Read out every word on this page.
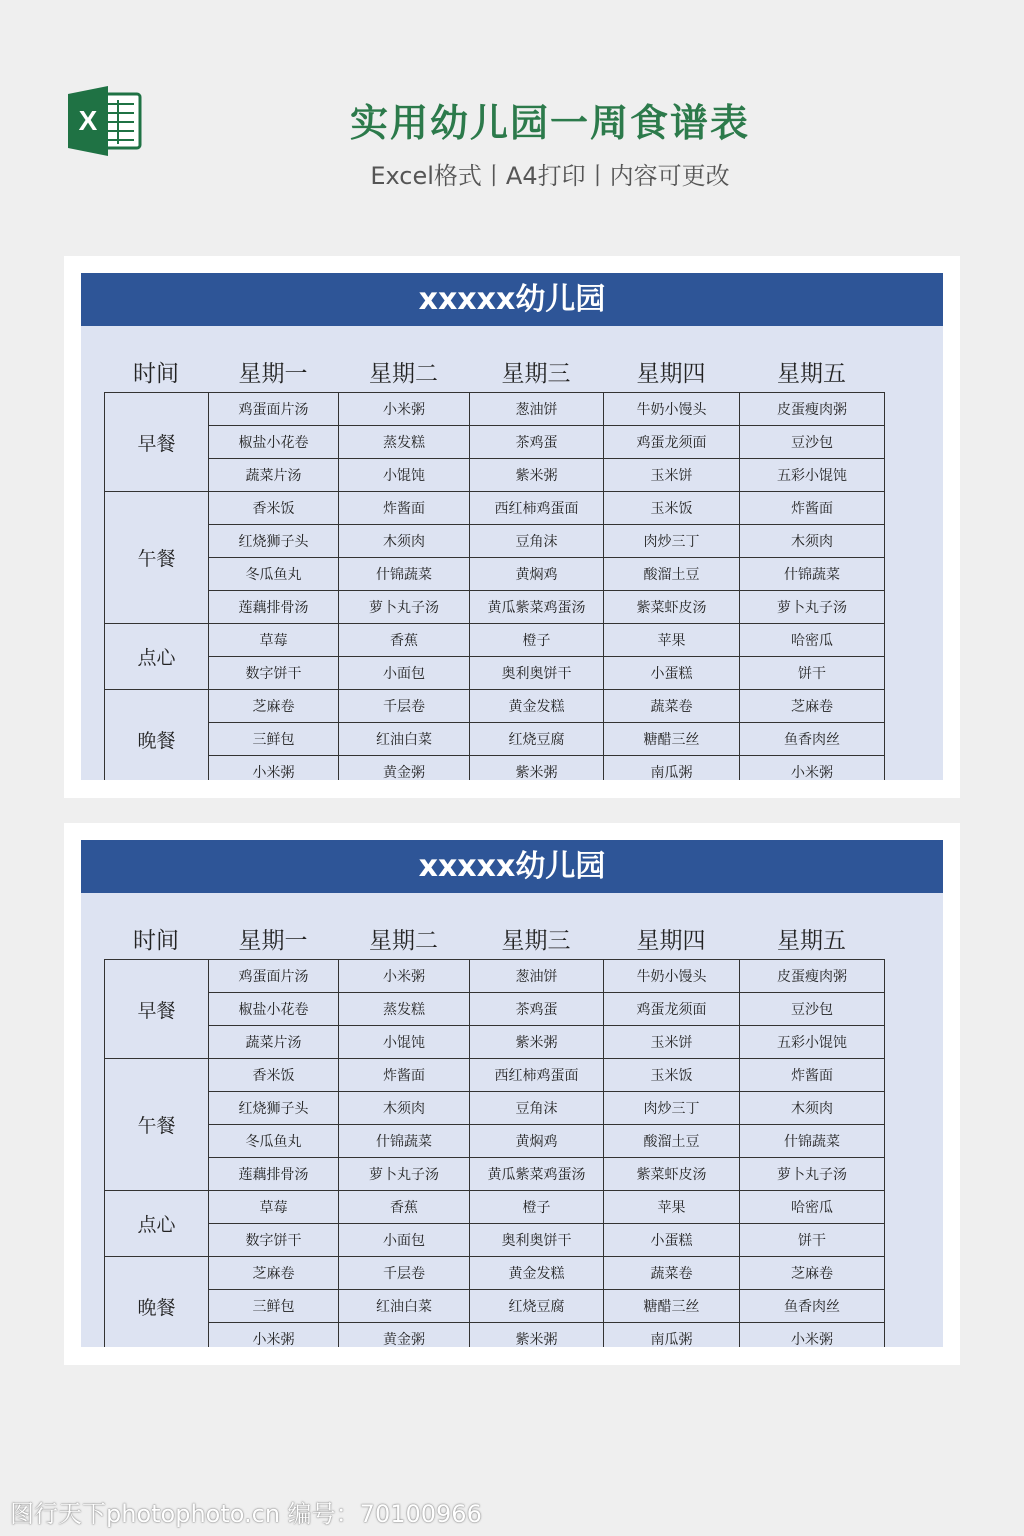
X	实用幼儿园一周食谱表
Excel格式丨A4打印丨内容可更改
xxxxx幼儿园
时间	星期一	星期二	星期三	星期四	星期五
早餐	鸡蛋面片汤	小米粥	葱油饼	牛奶小馒头	皮蛋瘦肉粥
	椒盐小花卷	蒸发糕	茶鸡蛋	鸡蛋龙须面	豆沙包
	蔬菜片汤	小馄饨	紫米粥	玉米饼	五彩小馄饨
午餐	香米饭	炸酱面	西红柿鸡蛋面	玉米饭	炸酱面
	红烧狮子头	木须肉	豆角沫	肉炒三丁	木须肉
	冬瓜鱼丸	什锦蔬菜	黄焖鸡	酸溜土豆	什锦蔬菜
	莲藕排骨汤	萝卜丸子汤	黄瓜紫菜鸡蛋汤	紫菜虾皮汤	萝卜丸子汤
点心	草莓	香蕉	橙子	苹果	哈密瓜
	数字饼干	小面包	奥利奥饼干	小蛋糕	饼干
晚餐	芝麻卷	千层卷	黄金发糕	蔬菜卷	芝麻卷
	三鲜包	红油白菜	红烧豆腐	糖醋三丝	鱼香肉丝
	小米粥	黄金粥	紫米粥	南瓜粥	小米粥
xxxxx幼儿园
时间	星期一	星期二	星期三	星期四	星期五
早餐	鸡蛋面片汤	小米粥	葱油饼	牛奶小馒头	皮蛋瘦肉粥
	椒盐小花卷	蒸发糕	茶鸡蛋	鸡蛋龙须面	豆沙包
	蔬菜片汤	小馄饨	紫米粥	玉米饼	五彩小馄饨
午餐	香米饭	炸酱面	西红柿鸡蛋面	玉米饭	炸酱面
	红烧狮子头	木须肉	豆角沫	肉炒三丁	木须肉
	冬瓜鱼丸	什锦蔬菜	黄焖鸡	酸溜土豆	什锦蔬菜
	莲藕排骨汤	萝卜丸子汤	黄瓜紫菜鸡蛋汤	紫菜虾皮汤	萝卜丸子汤
点心	草莓	香蕉	橙子	苹果	哈密瓜
	数字饼干	小面包	奥利奥饼干	小蛋糕	饼干
晚餐	芝麻卷	千层卷	黄金发糕	蔬菜卷	芝麻卷
	三鲜包	红油白菜	红烧豆腐	糖醋三丝	鱼香肉丝
	小米粥	黄金粥	紫米粥	南瓜粥	小米粥
图行天下photophoto.cn 编号：70100966
